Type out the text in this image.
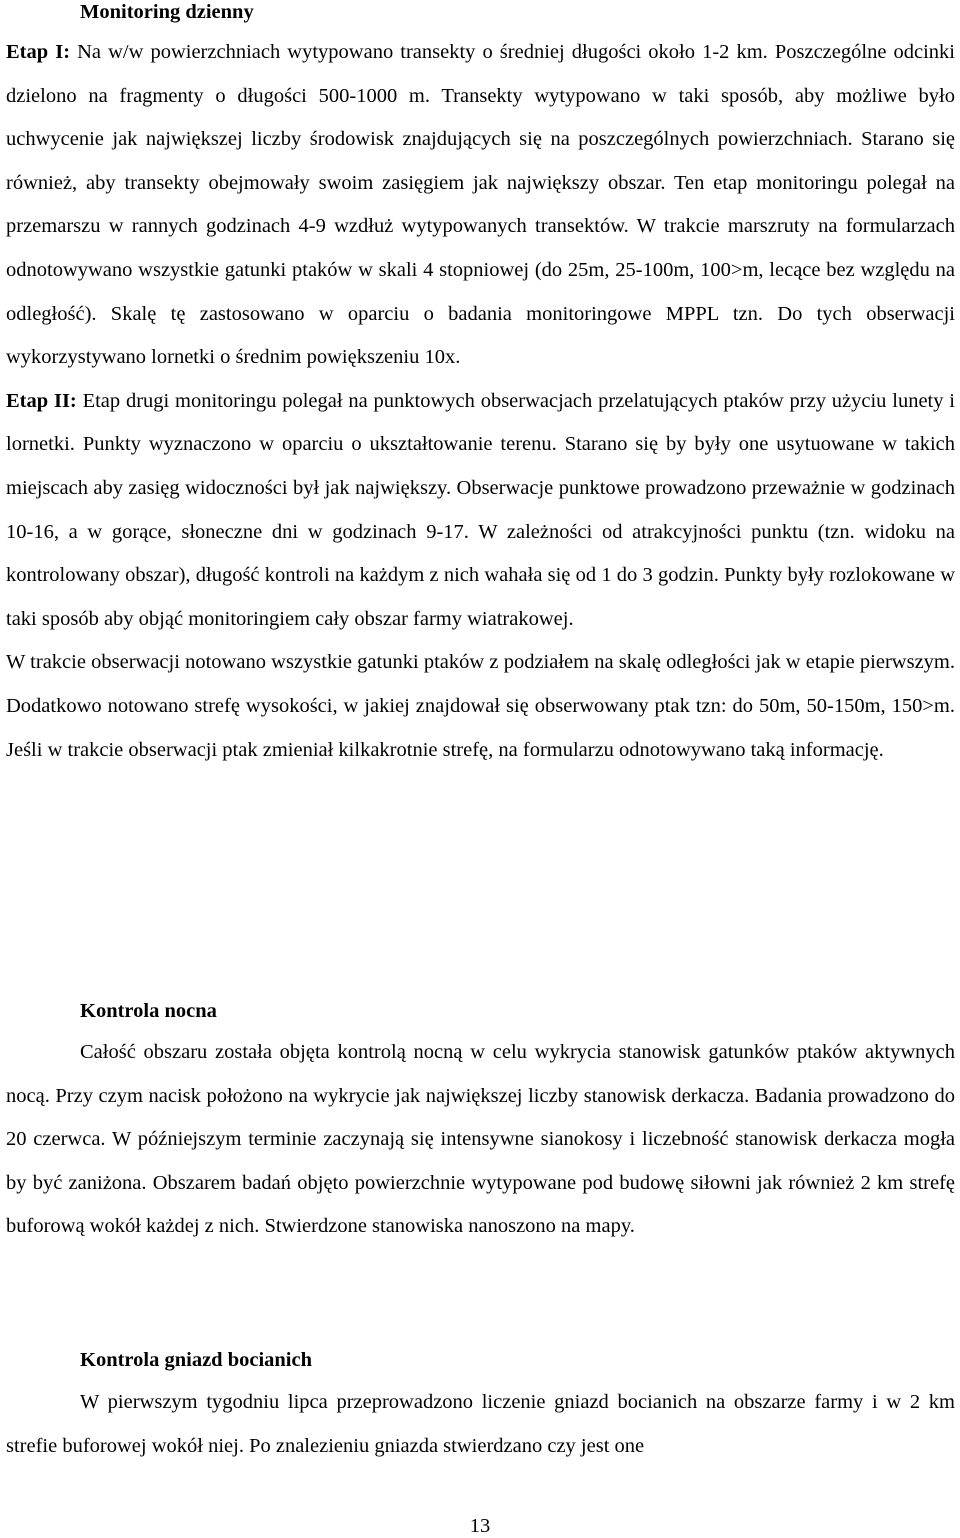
Monitoring dzienny

Etap I: Na w/w powierzchniach wytypowano transekty o średniej długości około 1-2 km. Poszczególne odcinki dzielono na fragmenty o długości 500-1000 m. Transekty wytypowano w taki sposób, aby możliwe było uchwycenie jak największej liczby środowisk znajdujących się na poszczególnych powierzchniach. Starano się również, aby transekty obejmowały swoim zasięgiem jak największy obszar. Ten etap monitoringu polegał na przemarszu w rannych godzinach 4-9 wzdłuż wytypowanych transektów. W trakcie marszruty na formularzach odnotowywano wszystkie gatunki ptaków w skali 4 stopniowej (do 25m, 25-100m, 100>m, lecące bez względu na odległość). Skalę tę zastosowano w oparciu o badania monitoringowe MPPL tzn. Do tych obserwacji wykorzystywano lornetki o średnim powiększeniu 10x.

Etap II: Etap drugi monitoringu polegał na punktowych obserwacjach przelatujących ptaków przy użyciu lunety i lornetki. Punkty wyznaczono w oparciu o ukształtowanie terenu. Starano się by były one usytuowane w takich miejscach aby zasięg widoczności był jak największy. Obserwacje punktowe prowadzono przeważnie w godzinach 10-16, a w gorące, słoneczne dni w godzinach 9-17. W zależności od atrakcyjności punktu (tzn. widoku na kontrolowany obszar), długość kontroli na każdym z nich wahała się od 1 do 3 godzin. Punkty były rozlokowane w taki sposób aby objąć monitoringiem cały obszar farmy wiatrakowej.

W trakcie obserwacji notowano wszystkie gatunki ptaków z podziałem na skalę odległości jak w etapie pierwszym. Dodatkowo notowano strefę wysokości, w jakiej znajdował się obserwowany ptak tzn: do 50m, 50-150m, 150>m. Jeśli w trakcie obserwacji ptak zmieniał kilkakrotnie strefę, na formularzu odnotowywano taką informację.

Kontrola nocna

Całość obszaru została objęta kontrolą nocną w celu wykrycia stanowisk gatunków ptaków aktywnych nocą. Przy czym nacisk położono na wykrycie jak największej liczby stanowisk derkacza. Badania prowadzono do 20 czerwca. W późniejszym terminie zaczynają się intensywne sianokosy i liczebność stanowisk derkacza mogła by być zaniżona. Obszarem badań objęto powierzchnie wytypowane pod budowę siłowni jak również 2 km strefę buforową wokół każdej z nich. Stwierdzone stanowiska nanoszono na mapy.

Kontrola gniazd bocianich

W pierwszym tygodniu lipca przeprowadzono liczenie gniazd bocianich na obszarze farmy i w 2 km strefie buforowej wokół niej. Po znalezieniu gniazda stwierdzano czy jest one

13
